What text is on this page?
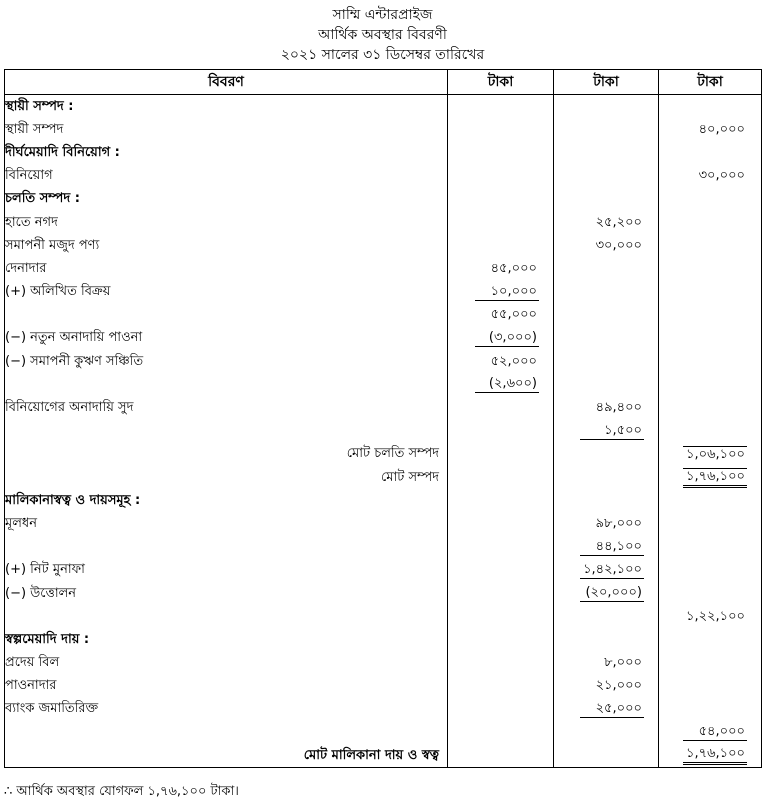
সাম্মি এন্টারপ্রাইজ
আর্থিক অবস্থার বিবরণী
২০২১ সালের ৩১ ডিসেম্বর তারিখের
বিবরণ	টাকা	টাকা	টাকা
স্থায়ী সম্পদ :			
স্থায়ী সম্পদ			৪০,০০০
দীর্ঘমেয়াদি বিনিয়োগ :			
বিনিয়োগ			৩০,০০০
চলতি সম্পদ :			
হাতে নগদ		২৫,২০০	
সমাপনী মজুদ পণ্য		৩০,০০০	
দেনাদার	৪৫,০০০		
(+) অলিখিত বিক্রয়	১০,০০০		
	৫৫,০০০		
(−) নতুন অনাদায়ি পাওনা	(৩,০০০)		
(−) সমাপনী কুঋণ সঞ্চিতি	৫২,০০০		
	(২,৬০০)		
বিনিয়োগের অনাদায়ি সুদ		৪৯,৪০০	
		১,৫০০	
মোট চলতি সম্পদ			১,০৬,১০০
মোট সম্পদ			১,৭৬,১০০
মালিকানাস্বত্ব ও দায়সমূহ :			
মূলধন		৯৮,০০০	
		৪৪,১০০	
(+) নিট মুনাফা		১,৪২,১০০	
(−) উত্তোলন		(২০,০০০)	
			১,২২,১০০
স্বল্পমেয়াদি দায় :			
প্রদেয় বিল		৮,০০০	
পাওনাদার		২১,০০০	
ব্যাংক জমাতিরিক্ত		২৫,০০০	
			৫৪,০০০
মোট মালিকানা দায় ও স্বত্ব			১,৭৬,১০০
∴ আর্থিক অবস্থার যোগফল ১,৭৬,১০০ টাকা।
